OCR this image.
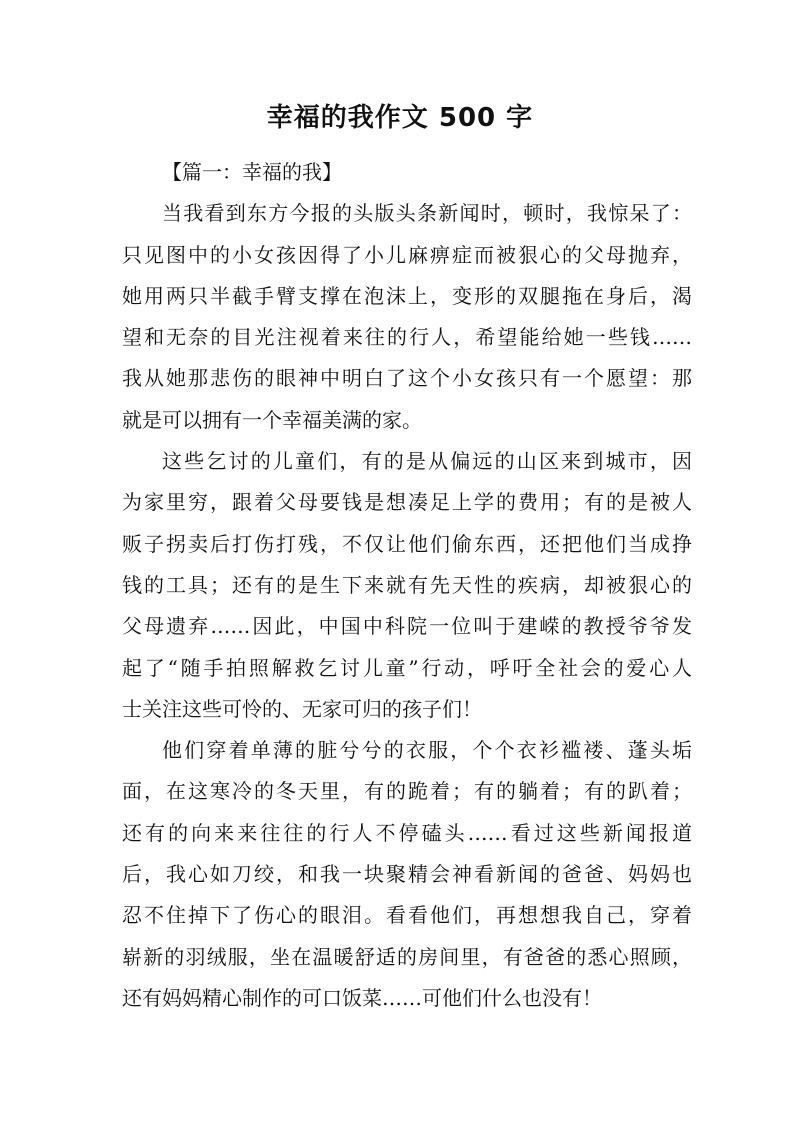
幸福的我作文 500 字
【篇一：幸福的我】
当我看到东方今报的头版头条新闻时，顿时，我惊呆了：
只见图中的小女孩因得了小儿麻痹症而被狠心的父母抛弃，
她用两只半截手臂支撑在泡沫上，变形的双腿拖在身后，渴
望和无奈的目光注视着来往的行人，希望能给她一些钱……
我从她那悲伤的眼神中明白了这个小女孩只有一个愿望：那
就是可以拥有一个幸福美满的家。
这些乞讨的儿童们，有的是从偏远的山区来到城市，因
为家里穷，跟着父母要钱是想凑足上学的费用；有的是被人
贩子拐卖后打伤打残，不仅让他们偷东西，还把他们当成挣
钱的工具；还有的是生下来就有先天性的疾病，却被狠心的
父母遗弃……因此，中国中科院一位叫于建嵘的教授爷爷发
起了“随手拍照解救乞讨儿童”行动，呼吁全社会的爱心人
士关注这些可怜的、无家可归的孩子们！
他们穿着单薄的脏兮兮的衣服，个个衣衫褴褛、蓬头垢
面，在这寒冷的冬天里，有的跪着；有的躺着；有的趴着；
还有的向来来往往的行人不停磕头……看过这些新闻报道
后，我心如刀绞，和我一块聚精会神看新闻的爸爸、妈妈也
忍不住掉下了伤心的眼泪。看看他们，再想想我自己，穿着
崭新的羽绒服，坐在温暖舒适的房间里，有爸爸的悉心照顾，
还有妈妈精心制作的可口饭菜……可他们什么也没有！
